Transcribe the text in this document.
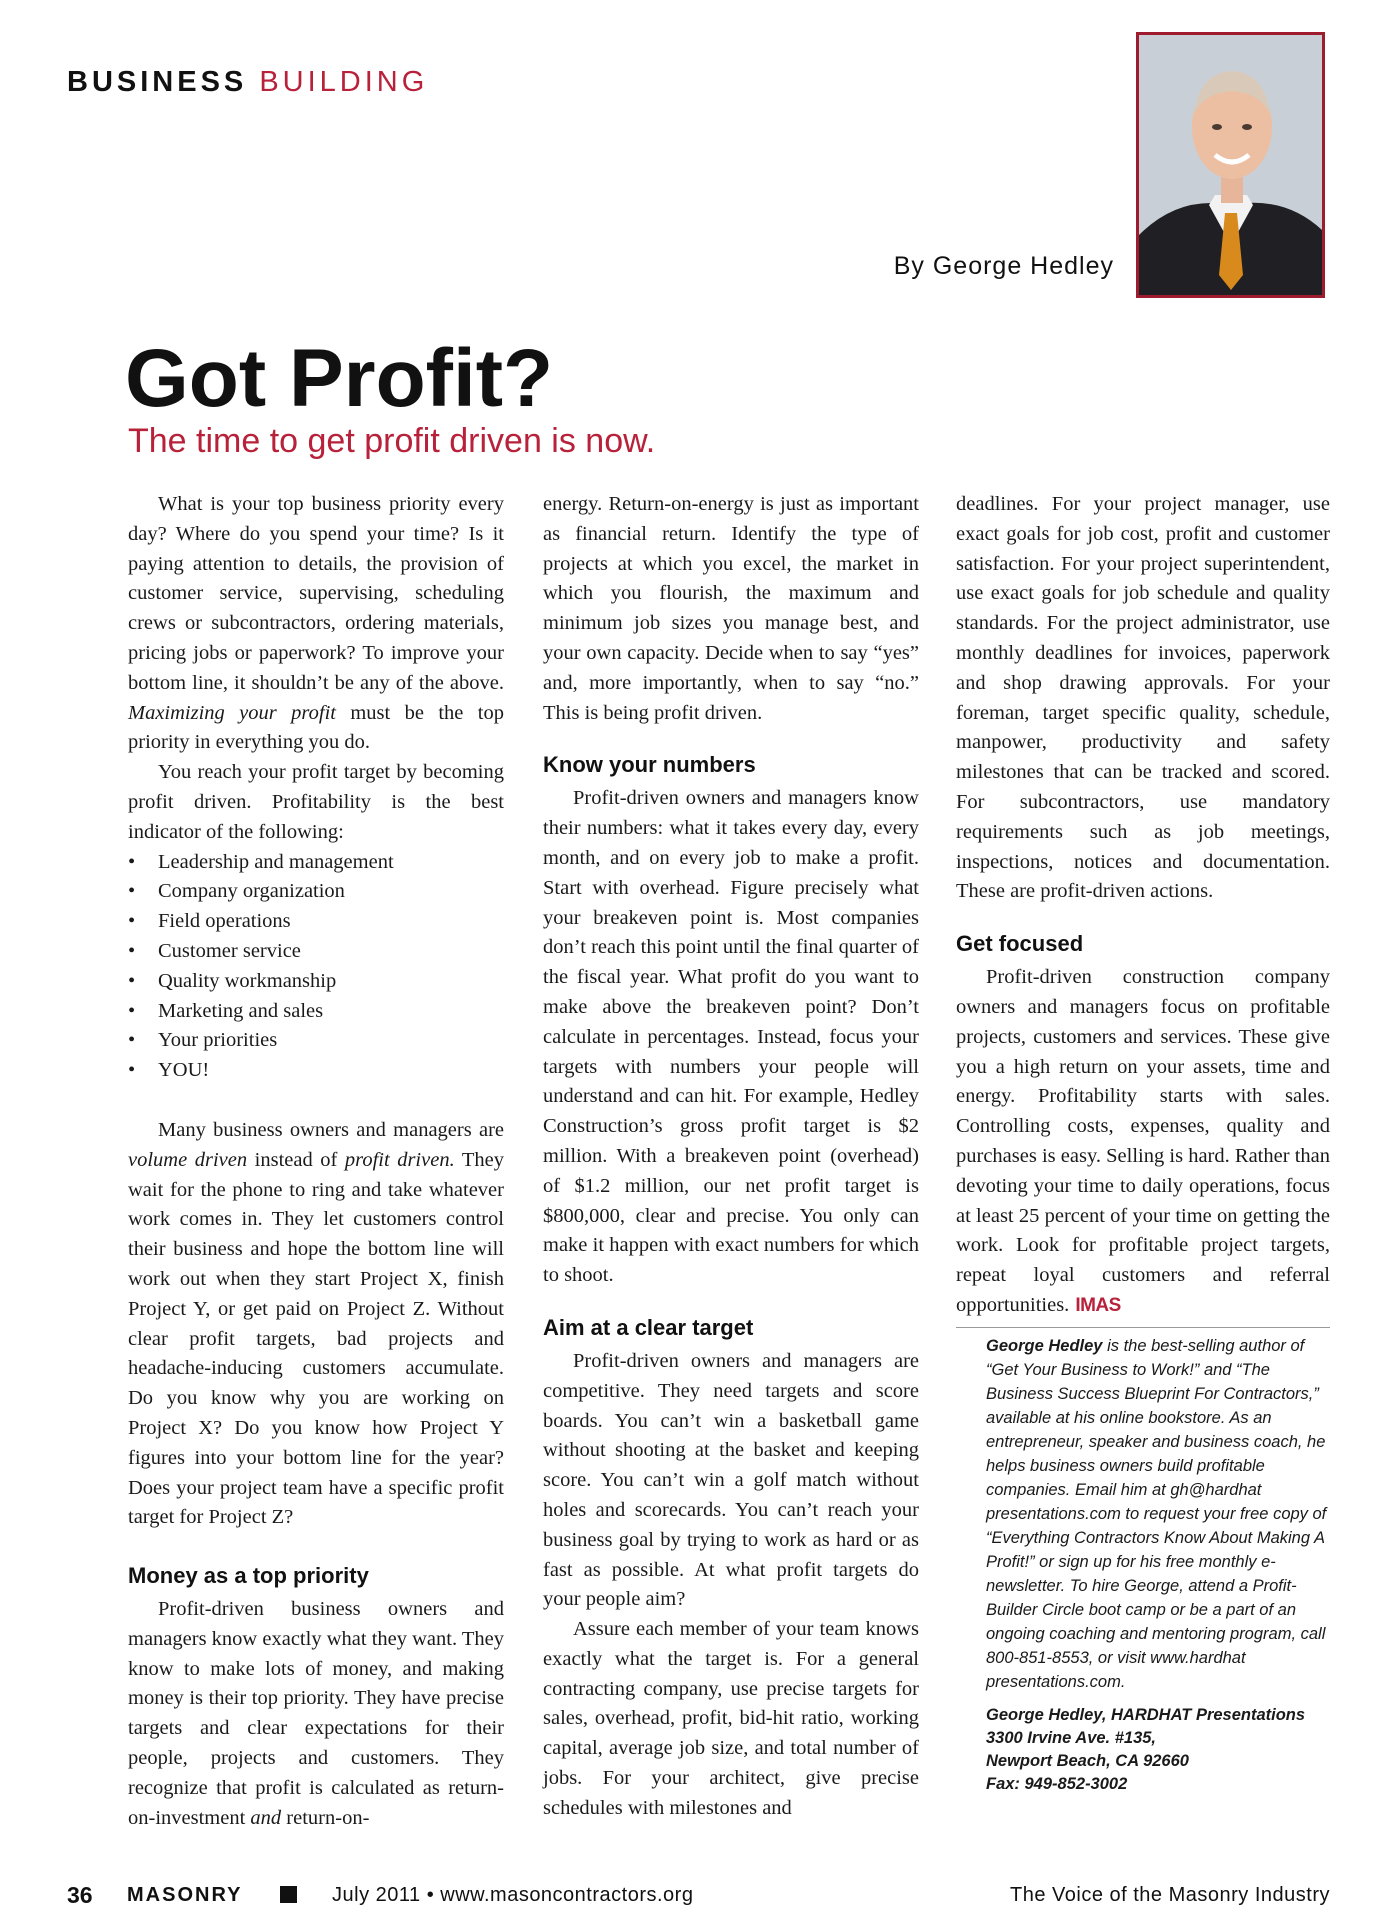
BUSINESS BUILDING
By George Hedley
Got Profit?
The time to get profit driven is now.

What is your top business priority every day? Where do you spend your time? Is it paying attention to details, the provision of customer service, supervising, scheduling crews or subcontractors, ordering materials, pricing jobs or paperwork? To improve your bottom line, it shouldn’t be any of the above. Maximizing your profit must be the top priority in everything you do.

You reach your profit target by becoming profit driven. Profitability is the best indicator of the following:

• Leadership and management
• Company organization
• Field operations
• Customer service
• Quality workmanship
• Marketing and sales
• Your priorities
• YOU!

Many business owners and managers are volume driven instead of profit driven. They wait for the phone to ring and take whatever work comes in. They let customers control their business and hope the bottom line will work out when they start Project X, finish Project Y, or get paid on Project Z. Without clear profit targets, bad projects and headache-inducing customers accumulate. Do you know why you are working on Project X? Do you know how Project Y figures into your bottom line for the year? Does your project team have a specific profit target for Project Z?

Money as a top priority

Profit-driven business owners and managers know exactly what they want. They know to make lots of money, and making money is their top priority. They have precise targets and clear expectations for their people, projects and customers. They recognize that profit is calculated as return-on-investment and return-on-

energy. Return-on-energy is just as important as financial return. Identify the type of projects at which you excel, the market in which you flourish, the maximum and minimum job sizes you manage best, and your own capacity. Decide when to say “yes” and, more importantly, when to say “no.” This is being profit driven.

Know your numbers

Profit-driven owners and managers know their numbers: what it takes every day, every month, and on every job to make a profit. Start with overhead. Figure precisely what your breakeven point is. Most companies don’t reach this point until the final quarter of the fiscal year. What profit do you want to make above the breakeven point? Don’t calculate in percentages. Instead, focus your targets with numbers your people will understand and can hit. For example, Hedley Construction’s gross profit target is $2 million. With a breakeven point (overhead) of $1.2 million, our net profit target is $800,000, clear and precise. You only can make it happen with exact numbers for which to shoot.

Aim at a clear target

Profit-driven owners and managers are competitive. They need targets and score boards. You can’t win a basketball game without shooting at the basket and keeping score. You can’t win a golf match without holes and scorecards. You can’t reach your business goal by trying to work as hard or as fast as possible. At what profit targets do your people aim?

Assure each member of your team knows exactly what the target is. For a general contracting company, use precise targets for sales, overhead, profit, bid-hit ratio, working capital, average job size, and total number of jobs. For your architect, give precise schedules with milestones and

deadlines. For your project manager, use exact goals for job cost, profit and customer satisfaction. For your project superintendent, use exact goals for job schedule and quality standards. For the project administrator, use monthly deadlines for invoices, paperwork and shop drawing approvals. For your foreman, target specific quality, schedule, manpower, productivity and safety milestones that can be tracked and scored. For subcontractors, use mandatory requirements such as job meetings, inspections, notices and documentation. These are profit-driven actions.

Get focused

Profit-driven construction company owners and managers focus on profitable projects, customers and services. These give you a high return on your assets, time and energy. Profitability starts with sales. Controlling costs, expenses, quality and purchases is easy. Selling is hard. Rather than devoting your time to daily operations, focus at least 25 percent of your time on getting the work. Look for profitable project targets, repeat loyal customers and referral opportunities. IMAS

George Hedley is the best-selling author of “Get Your Business to Work!” and “The Business Success Blueprint For Contractors,” available at his online bookstore. As an entrepreneur, speaker and business coach, he helps business owners build profitable companies. Email him at gh@hardhat presentations.com to request your free copy of “Everything Contractors Know About Making A Profit!” or sign up for his free monthly e-newsletter. To hire George, attend a Profit-Builder Circle boot camp or be a part of an ongoing coaching and mentoring program, call 800-851-8553, or visit www.hardhat presentations.com.

George Hedley, HARDHAT Presentations
3300 Irvine Ave. #135,
Newport Beach, CA 92660
Fax: 949-852-3002
36 MASONRY	July 2011 • www.masoncontractors.org	The Voice of the Masonry Industry
